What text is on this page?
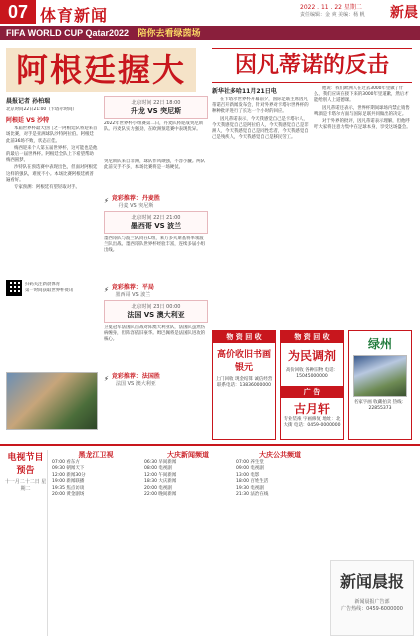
07 体育新闻	2022 . 11 . 22 星期二
责任编辑：金 爽 美编：杨 帆	新晨
FIFA WORLD CUP Qatar2022 陪你去看绿茵场
阿根廷握大	因凡蒂诺的反击
晨报记者 孙柏瑞
北京时间22日21:00（卡塔尔时间）
阿根廷 VS 沙特

本届世界杯最大热门之一阿根廷队将迎来首场比赛，对手是亚洲球队沙特阿拉伯。阿根廷此前36场不败，状态正佳。

梅西迎来个人第五届世界杯，这可能也是他的最后一届世界杯。阿根廷全队上下希望帮助梅西圆梦。

沙特队在预选赛中表现出色，但面对阿根廷这样的强队，难度不小。本场比赛阿根廷被普遍看好。

专家预测：阿根廷有望轻取对手。

扫码关注新晨体育
第一时间获取世界杯资讯
北京时间 22日 18:00
升龙 VS 突尼斯
2022年世界杯小组赛第二日，丹麦队将迎战突尼斯队。丹麦队实力强劲，在欧洲预选赛中表现优异。
突尼斯队来自非洲，球队作风顽强，不容小觑。两队此前交手不多，本场比赛将是一场硬仗。
⚡ 竞彩推荐：丹麦胜
丹麦 VS 突尼斯
北京时间 22日 21:00
墨西哥 VS 波兰
墨西哥队与波兰队同在C组，莱万多夫斯基将率领波兰队出战。墨西哥队世界杯经验丰富，连续多届小组出线。
⚡ 竞彩推荐：平局
墨西哥 VS 波兰
北京时间 23日 00:00
法国 VS 澳大利亚
卫冕冠军法国队首战对阵澳大利亚队，法国队虽然伤病缠身，但阵容依旧豪华。姆巴佩将是法国队进攻的核心。
⚡ 竞彩推荐：法国胜
法国 VS 澳大利亚
新华社多哈11月21日电

在卡塔尔世界杯开幕前夕，国际足联主席因凡蒂诺召开新闻发布会，针对外界对卡塔尔世界杯的种种批评进行了长达一个小时的回应。

因凡蒂诺表示，今天我感觉自己是卡塔尔人，今天我感觉自己是阿拉伯人，今天我感觉自己是非洲人，今天我感觉自己是同性恋者，今天我感觉自己是残疾人，今天我感觉自己是移民劳工。

他说：我们欧洲人在过去3000年里做了什么，我们应该在接下来的3000年里道歉，然后才能给别人上道德课。

因凡蒂诺还表示，世界杯期间球场内禁止销售啤酒是卡塔尔方面与国际足联共同做出的决定。

对于外界的批评，因凡蒂诺表示理解，但他呼吁大家将注意力集中在足球本身，享受这场盛会。

物 资 回 收
高价收旧书画银元
上门回收 现金结算 诚信经营 联系电话：13836000000
物 资 回 收
为民调剂
高价回收 各种旧物 电话：15045000000
广 告
古月轩
专业装裱 字画修复 地址：北大街 电话：0459-0000000
绿州
名家字画 收藏拍卖 热线：22855373
电视节目预告
十一月二十二日 星期二
黑龙江卫视
07:00 看东方
09:30 朝闻天下
12:00 新闻30分
19:00 新闻联播
19:35 焦点访谈
20:00 黄金剧场
大庆新闻频道
06:30 早间新闻
08:00 电视剧
12:00 午间新闻
18:30 大庆新闻
20:00 电视剧
22:00 晚间新闻
大庆公共频道
07:00 养生堂
09:00 电视剧
13:00 电影
18:00 百姓生活
19:30 电视剧
21:30 法治在线
新闻晨报
新闻晨报广告部
广告热线：0459-6000000
